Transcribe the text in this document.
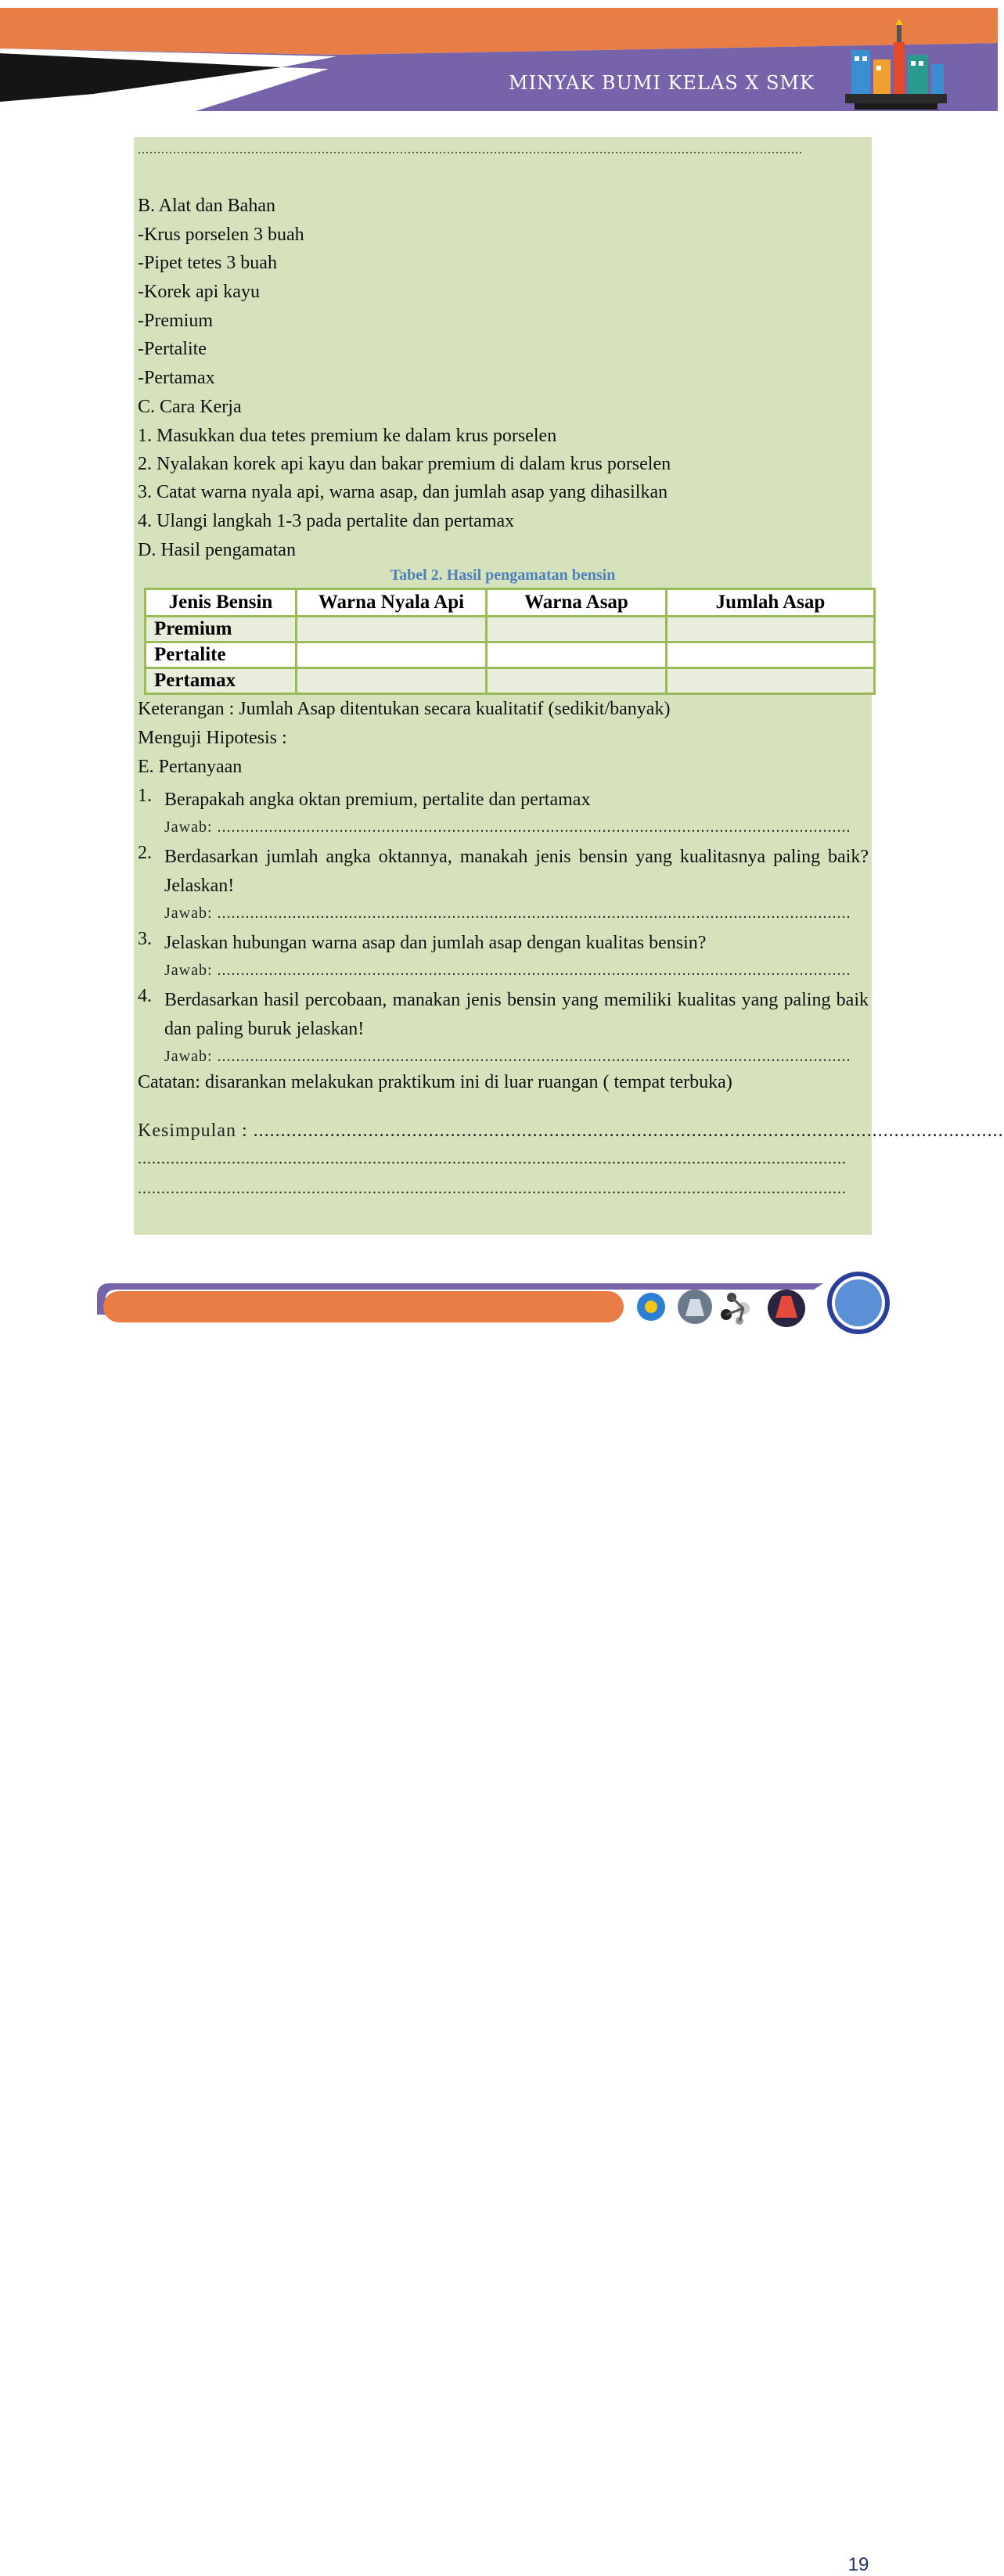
MINYAK BUMI KELAS X SMK
..........................................................................................................................................................................
B. Alat dan Bahan
-Krus porselen 3 buah
-Pipet tetes 3 buah
-Korek api kayu
-Premium
-Pertalite
-Pertamax
C. Cara Kerja
1. Masukkan dua tetes premium ke dalam krus porselen
2. Nyalakan korek api kayu dan bakar premium di dalam krus porselen
3. Catat warna nyala api, warna asap, dan jumlah asap yang dihasilkan
4. Ulangi langkah 1-3 pada pertalite dan pertamax
D. Hasil pengamatan
Tabel 2. Hasil pengamatan bensin
Jenis Bensin	Warna Nyala Api	Warna Asap	Jumlah Asap
Premium			
Pertalite			
Pertamax			
Keterangan : Jumlah Asap ditentukan secara kualitatif (sedikit/banyak)
Menguji Hipotesis :
E. Pertanyaan
1. Berapakah angka oktan premium, pertalite dan pertamax
Jawab: .......................................................................................................................................
2. Berdasarkan jumlah angka oktannya, manakah jenis bensin yang kualitasnya paling baik? Jelaskan!
Jawab: .......................................................................................................................................
3. Jelaskan hubungan warna asap dan jumlah asap dengan kualitas bensin?
Jawab: .......................................................................................................................................
4. Berdasarkan hasil percobaan, manakan jenis bensin yang memiliki kualitas yang paling baik dan paling buruk jelaskan!
Jawab: .......................................................................................................................................
Catatan: disarankan melakukan praktikum ini di luar ruangan ( tempat terbuka)
Kesimpulan : .........................................................................................................................................
.......................................................................................................................................................
.......................................................................................................................................................
Hidrokarbon dan Minyak Bumi - Terintegrasi Konteks Kejuruan Teknik Kendaraan Ringan	19
